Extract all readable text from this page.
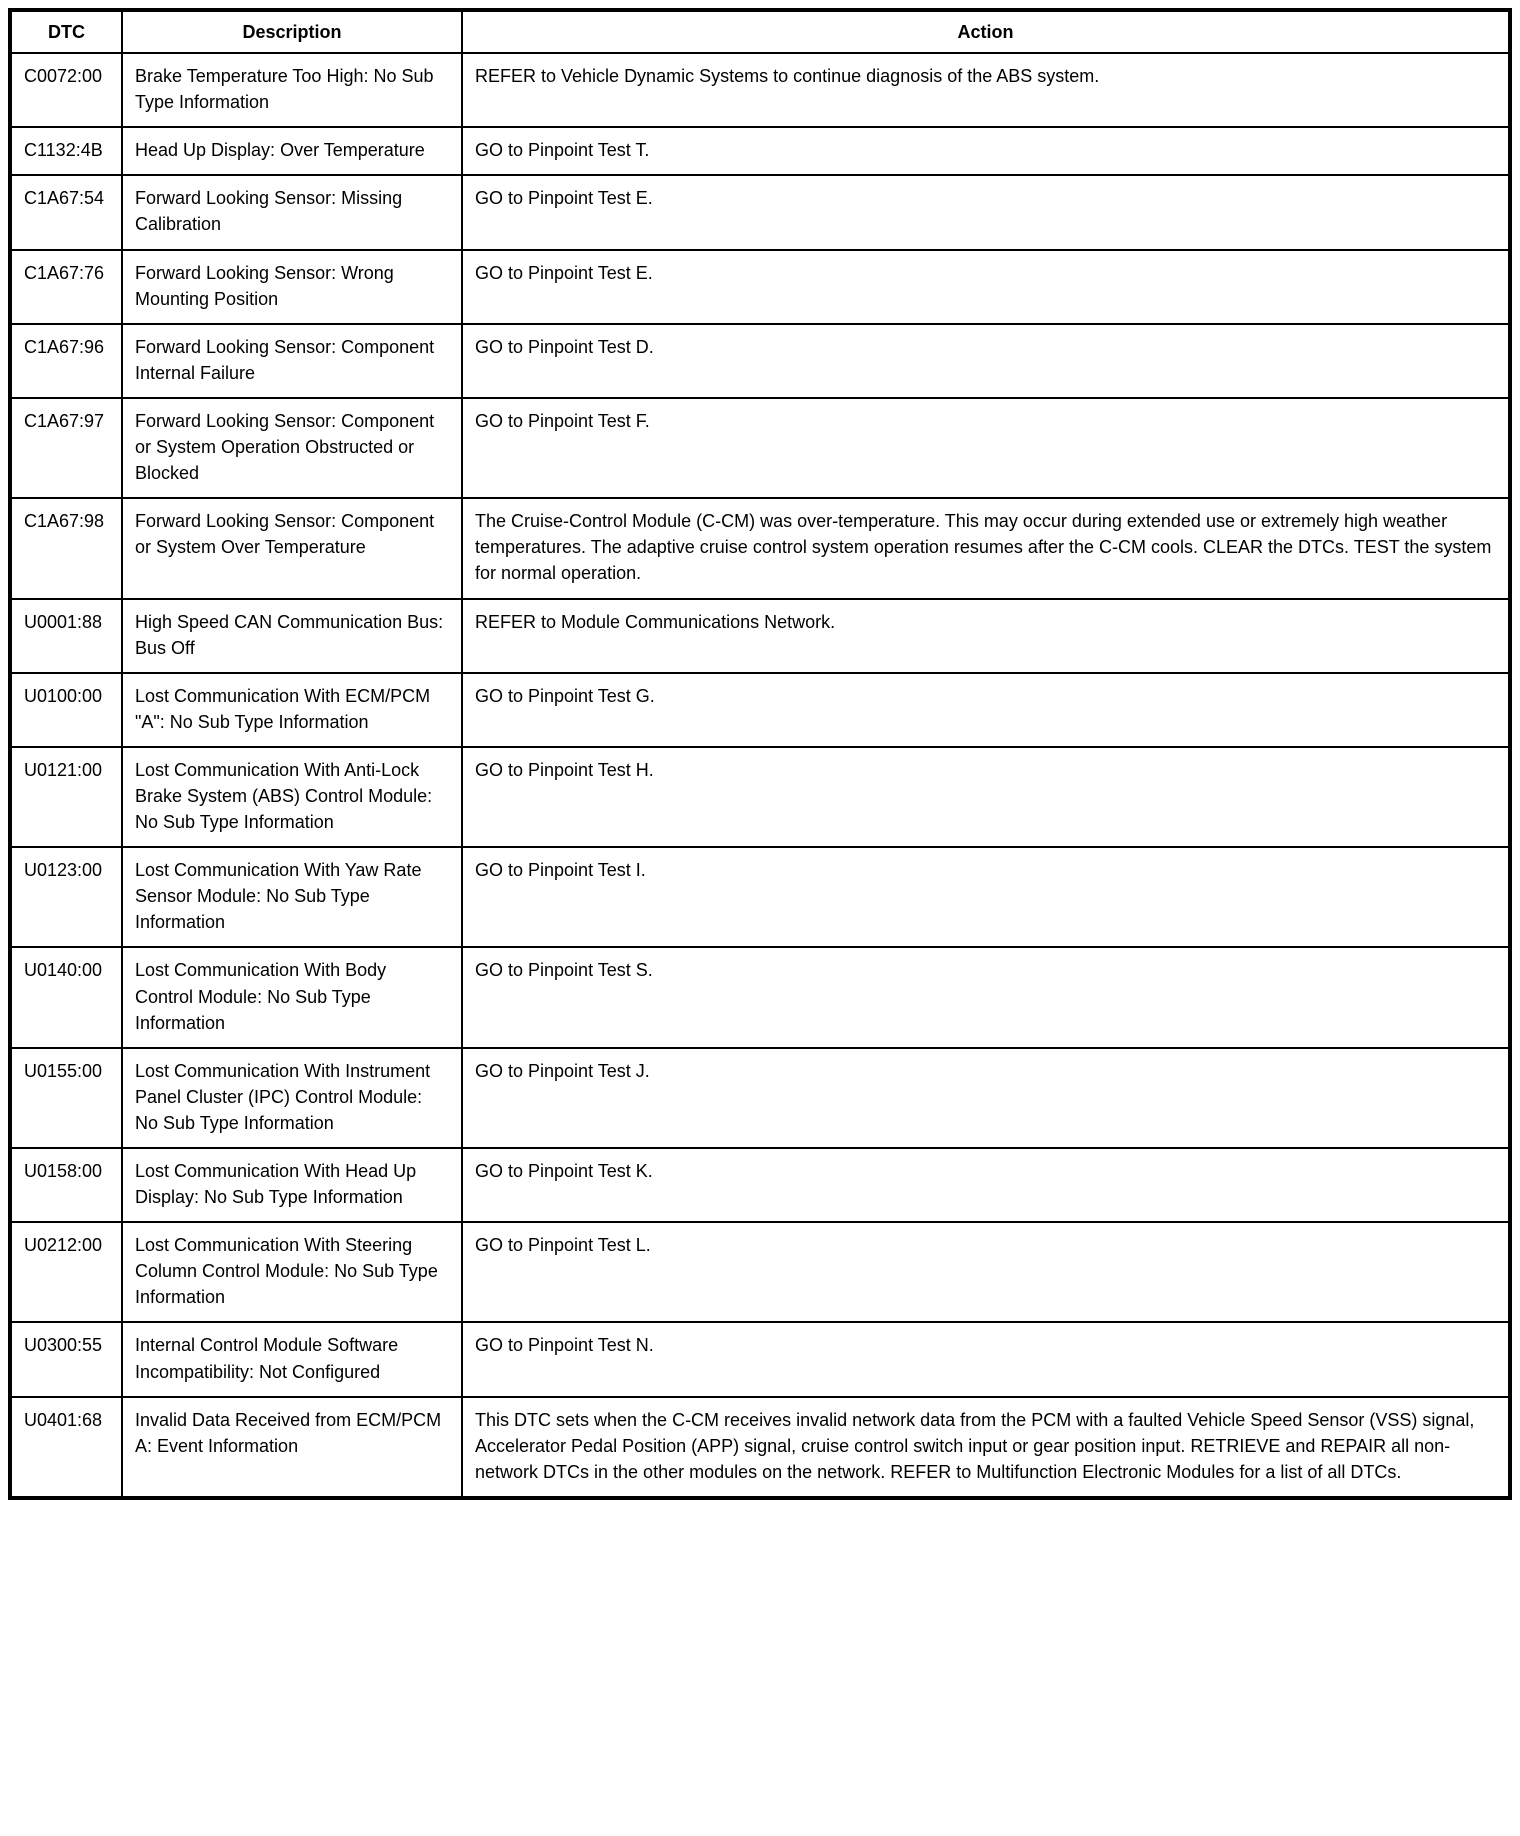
DTC	Description	Action
C0072:00	Brake Temperature Too High: No Sub Type Information	REFER to Vehicle Dynamic Systems to continue diagnosis of the ABS system.
C1132:4B	Head Up Display: Over Temperature	GO to Pinpoint Test T.
C1A67:54	Forward Looking Sensor: Missing Calibration	GO to Pinpoint Test E.
C1A67:76	Forward Looking Sensor: Wrong Mounting Position	GO to Pinpoint Test E.
C1A67:96	Forward Looking Sensor: Component Internal Failure	GO to Pinpoint Test D.
C1A67:97	Forward Looking Sensor: Component or System Operation Obstructed or Blocked	GO to Pinpoint Test F.
C1A67:98	Forward Looking Sensor: Component or System Over Temperature	The Cruise-Control Module (C-CM) was over-temperature. This may occur during extended use or extremely high weather temperatures. The adaptive cruise control system operation resumes after the C-CM cools. CLEAR the DTCs. TEST the system for normal operation.
U0001:88	High Speed CAN Communication Bus: Bus Off	REFER to Module Communications Network.
U0100:00	Lost Communication With ECM/PCM "A": No Sub Type Information	GO to Pinpoint Test G.
U0121:00	Lost Communication With Anti-Lock Brake System (ABS) Control Module: No Sub Type Information	GO to Pinpoint Test H.
U0123:00	Lost Communication With Yaw Rate Sensor Module: No Sub Type Information	GO to Pinpoint Test I.
U0140:00	Lost Communication With Body Control Module: No Sub Type Information	GO to Pinpoint Test S.
U0155:00	Lost Communication With Instrument Panel Cluster (IPC) Control Module: No Sub Type Information	GO to Pinpoint Test J.
U0158:00	Lost Communication With Head Up Display: No Sub Type Information	GO to Pinpoint Test K.
U0212:00	Lost Communication With Steering Column Control Module: No Sub Type Information	GO to Pinpoint Test L.
U0300:55	Internal Control Module Software Incompatibility: Not Configured	GO to Pinpoint Test N.
U0401:68	Invalid Data Received from ECM/PCM A: Event Information	This DTC sets when the C-CM receives invalid network data from the PCM with a faulted Vehicle Speed Sensor (VSS) signal, Accelerator Pedal Position (APP) signal, cruise control switch input or gear position input. RETRIEVE and REPAIR all non-network DTCs in the other modules on the network. REFER to Multifunction Electronic Modules for a list of all DTCs.
